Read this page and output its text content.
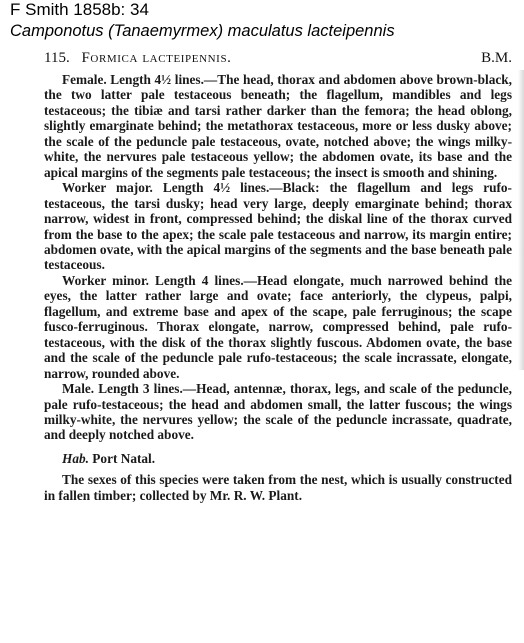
F Smith 1858b: 34
Camponotus (Tanaemyrmex) maculatus lacteipennis
115. Formica lacteipennis.	B.M.

Female. Length 4½ lines.—The head, thorax and abdomen above brown-black, the two latter pale testaceous beneath; the flagellum, mandibles and legs testaceous; the tibiæ and tarsi rather darker than the femora; the head oblong, slightly emarginate behind; the metathorax testaceous, more or less dusky above; the scale of the peduncle pale testaceous, ovate, notched above; the wings milky-white, the nervures pale testaceous yellow; the abdomen ovate, its base and the apical margins of the segments pale testaceous; the insect is smooth and shining.

Worker major. Length 4½ lines.—Black: the flagellum and legs rufo-testaceous, the tarsi dusky; head very large, deeply emarginate behind; thorax narrow, widest in front, compressed behind; the diskal line of the thorax curved from the base to the apex; the scale pale testaceous and narrow, its margin entire; abdomen ovate, with the apical margins of the segments and the base beneath pale testaceous.

Worker minor. Length 4 lines.—Head elongate, much narrowed behind the eyes, the latter rather large and ovate; face anteriorly, the clypeus, palpi, flagellum, and extreme base and apex of the scape, pale ferruginous; the scape fusco-ferruginous. Thorax elongate, narrow, compressed behind, pale rufo-testaceous, with the disk of the thorax slightly fuscous. Abdomen ovate, the base and the scale of the peduncle pale rufo-testaceous; the scale incrassate, elongate, narrow, rounded above.

Male. Length 3 lines.—Head, antennæ, thorax, legs, and scale of the peduncle, pale rufo-testaceous; the head and abdomen small, the latter fuscous; the wings milky-white, the nervures yellow; the scale of the peduncle incrassate, quadrate, and deeply notched above.

Hab. Port Natal.

The sexes of this species were taken from the nest, which is usually constructed in fallen timber; collected by Mr. R. W. Plant.
